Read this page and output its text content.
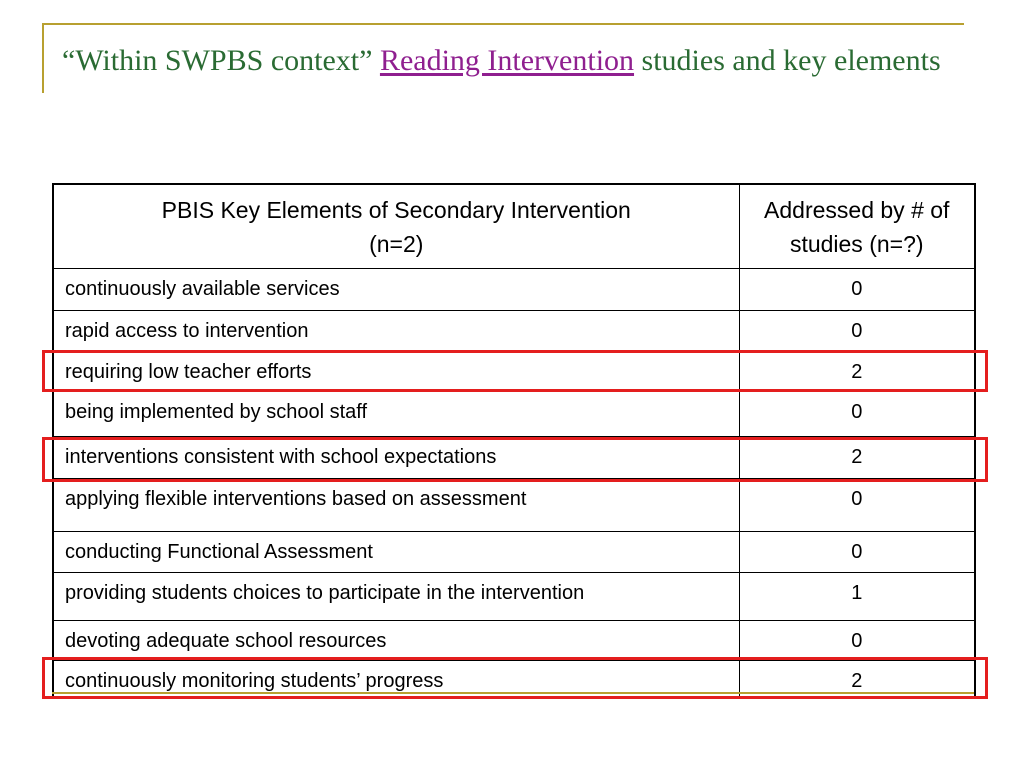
“Within SWPBS context” Reading Intervention studies and key elements
PBIS Key Elements of Secondary Intervention
(n=2)	Addressed by # of studies (n=?)
continuously available services	0
rapid access to intervention	0
requiring low teacher efforts	2
being implemented by school staff	0
interventions consistent with school expectations	2
applying flexible interventions based on assessment	0
conducting Functional Assessment	0
providing students choices to participate in the intervention	1
devoting adequate school resources	0
continuously monitoring students’ progress	2
